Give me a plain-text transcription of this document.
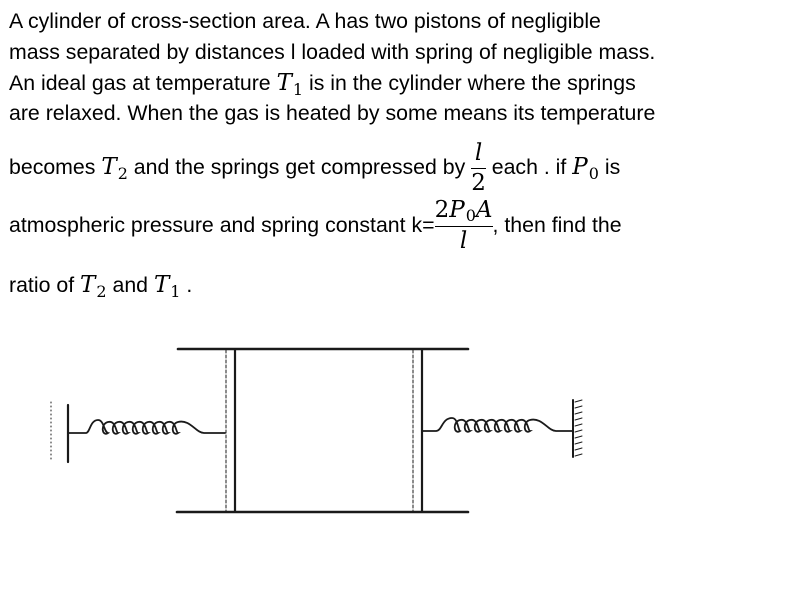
A cylinder of cross-section area. A has two pistons of negligible
mass separated by distances l loaded with spring of negligible mass.
An ideal gas at temperature $T_1$ is in the cylinder where the springs
are relaxed. When the gas is heated by some means its temperature
becomes $T_2$ and the springs get compressed by $\frac{l}{2}$ each . if $P_0$ is
atmospheric pressure and spring constant $k= \frac{2P0A}{l}$ , then find the
ratio of $T_2$ and $T_1$ .
